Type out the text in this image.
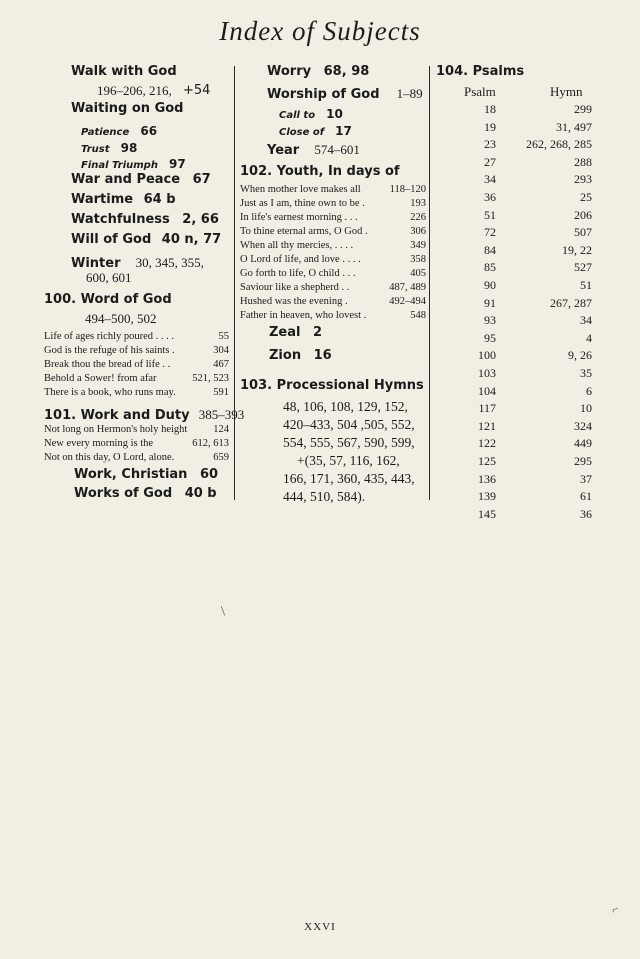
Index of Subjects
Walk with God
196–206, 216, +54
Waiting on God
Patience 66
Trust 98
Final Triumph 97
War and Peace 67
Wartime 64 b
Watchfulness 2, 66
Will of God 40 n, 77
Winter 30, 345, 355,
600, 601
100. Word of God
494–500, 502
Life of ages richly poured . . . .	55
God is the refuge of his saints .	304
Break thou the bread of life . .	467
Behold a Sower! from afar	521, 523
There is a book, who runs may.	591
101. Work and Duty 385–393
Not long on Hermon's holy height 124
New every morning is the	612, 613
Not on this day, O Lord, alone.	659
Work, Christian 60
Works of God 40 b
Worry 68, 98
Worship of God 1–89
Call to 10
Close of 17
Year 574–601
102. Youth, In days of
When mother love makes all	118–120
Just as I am, thine own to be .	193
In life's earnest morning . . .	226
To thine eternal arms, O God .	306
When all thy mercies, . . . .	349
O Lord of life, and love . . . .	358
Go forth to life, O child . . .	405
Saviour like a shepherd . .	487, 489
Hushed was the evening .	492–494
Father in heaven, who lovest .	548
Zeal 2
Zion 16
103. Processional Hymns
48, 106, 108, 129, 152,
420–433, 504 ,505, 552,
554, 555, 567, 590, 599,
+(35, 57, 116, 162,
166, 171, 360, 435, 443,
444, 510, 584).
104. Psalms
Psalm	Hymn
18	299
19	31, 497
23	262, 268, 285
27	288
34	293
36	25
51	206
72	507
84	19, 22
85	527
90	51
91	267, 287
93	34
95	4
100	9, 26
103	35
104	6
117	10
121	324
122	449
125	295
136	37
139	61
145	36
/
⌐
XXVI
